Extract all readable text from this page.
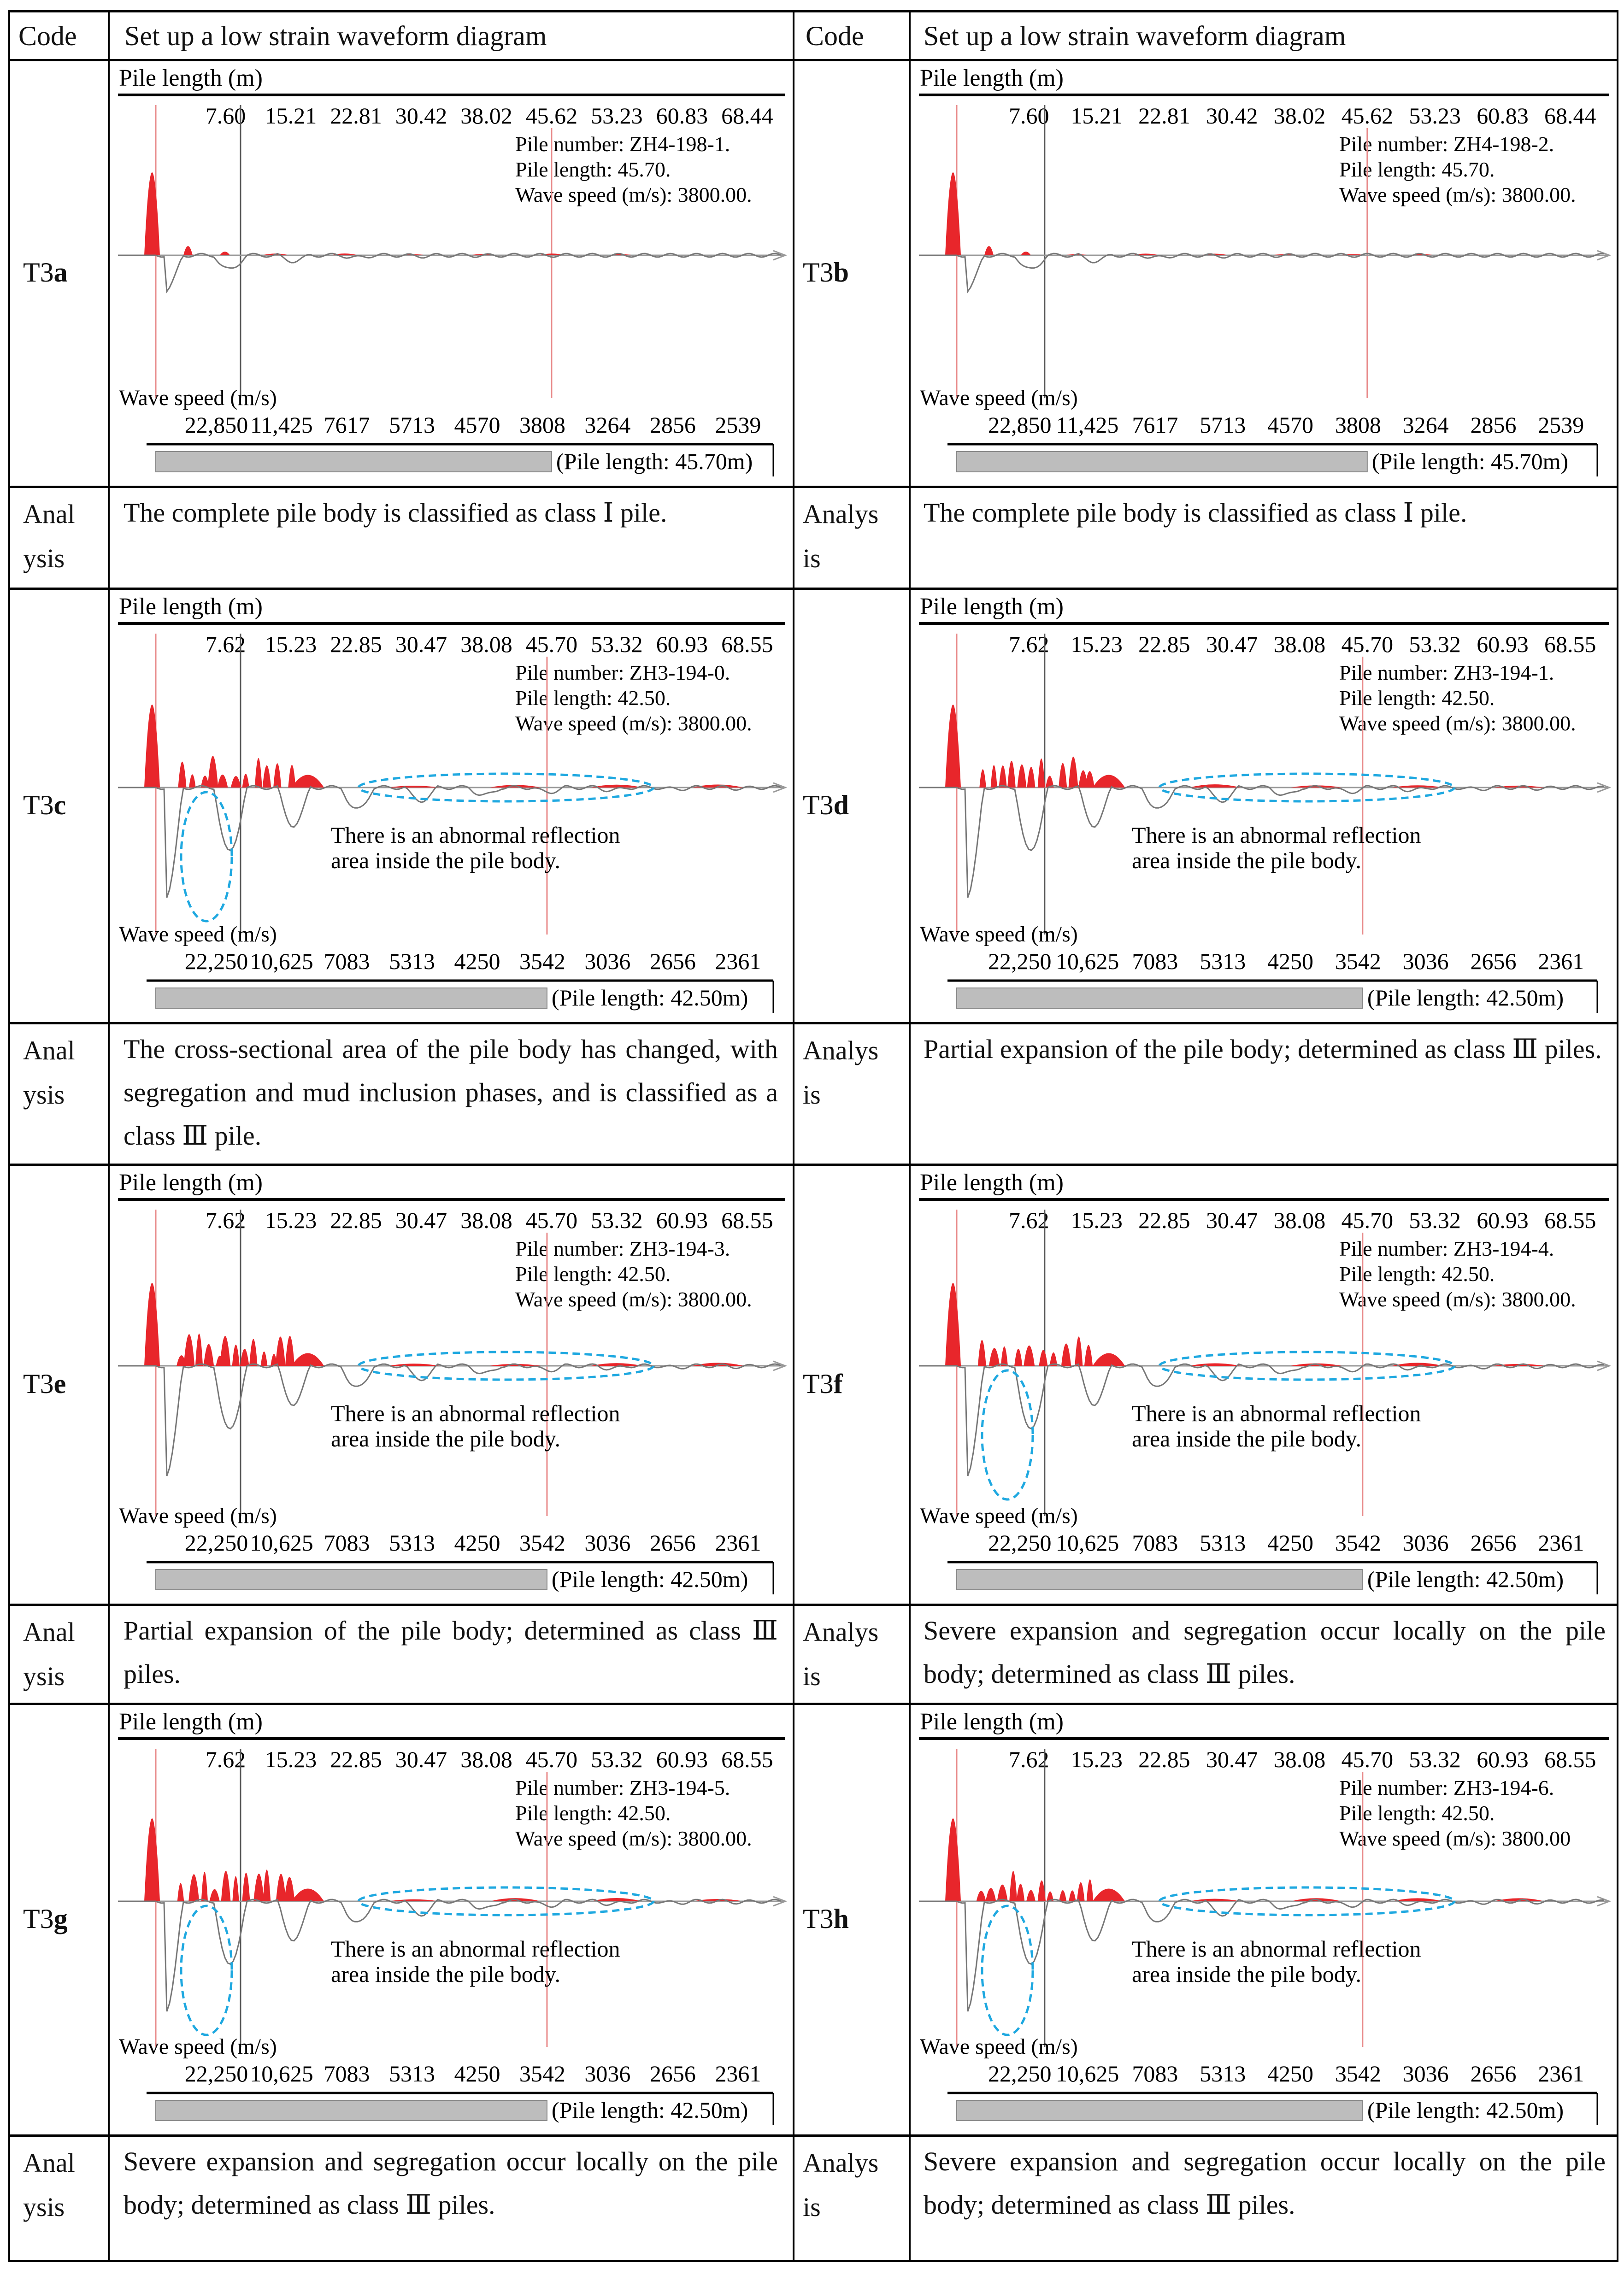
Code Set up a low strain waveform diagram	Code Set up a low strain waveform diagram
T3a
Pile length (m)
7.60 15.21 22.81 30.42 38.02 45.62 53.23 60.83 68.44
Pile number: ZH4-198-1.
Pile length: 45.70.
Wave speed (m/s): 3800.00.
Wave speed (m/s)
22,850 11,425 7617 5713 4570 3808 3264 2856 2539
(Pile length: 45.70m)
Anal ysis
The complete pile body is classified as class Ⅰ pile.
T3b
Pile length (m)
7.60 15.21 22.81 30.42 38.02 45.62 53.23 60.83 68.44
Pile number: ZH4-198-2.
Pile length: 45.70.
Wave speed (m/s): 3800.00.
Wave speed (m/s)
22,850 11,425 7617 5713 4570 3808 3264 2856 2539
(Pile length: 45.70m)
Analys is
The complete pile body is classified as class Ⅰ pile.
T3c
Pile length (m)
7.62 15.23 22.85 30.47 38.08 45.70 53.32 60.93 68.55
Pile number: ZH3-194-0.
Pile length: 42.50.
Wave speed (m/s): 3800.00.
There is an abnormal reflection
area inside the pile body.
Wave speed (m/s)
22,250 10,625 7083 5313 4250 3542 3036 2656 2361
(Pile length: 42.50m)
Anal ysis
The cross-sectional area of the pile body has changed, with segregation and mud inclusion phases, and is classified as a class Ⅲ pile.
T3d
Pile length (m)
7.62 15.23 22.85 30.47 38.08 45.70 53.32 60.93 68.55
Pile number: ZH3-194-1.
Pile length: 42.50.
Wave speed (m/s): 3800.00.
There is an abnormal reflection
area inside the pile body.
Wave speed (m/s)
22,250 10,625 7083 5313 4250 3542 3036 2656 2361
(Pile length: 42.50m)
Analys is
Partial expansion of the pile body; determined as class Ⅲ piles.
T3e
Pile length (m)
7.62 15.23 22.85 30.47 38.08 45.70 53.32 60.93 68.55
Pile number: ZH3-194-3.
Pile length: 42.50.
Wave speed (m/s): 3800.00.
There is an abnormal reflection
area inside the pile body.
Wave speed (m/s)
22,250 10,625 7083 5313 4250 3542 3036 2656 2361
(Pile length: 42.50m)
Anal ysis
Partial expansion of the pile body; determined as class Ⅲ piles.
T3f
Pile length (m)
7.62 15.23 22.85 30.47 38.08 45.70 53.32 60.93 68.55
Pile number: ZH3-194-4.
Pile length: 42.50.
Wave speed (m/s): 3800.00.
There is an abnormal reflection
area inside the pile body.
Wave speed (m/s)
22,250 10,625 7083 5313 4250 3542 3036 2656 2361
(Pile length: 42.50m)
Analys is
Severe expansion and segregation occur locally on the pile body; determined as class Ⅲ piles.
T3g
Pile length (m)
7.62 15.23 22.85 30.47 38.08 45.70 53.32 60.93 68.55
Pile number: ZH3-194-5.
Pile length: 42.50.
Wave speed (m/s): 3800.00.
There is an abnormal reflection
area inside the pile body.
Wave speed (m/s)
22,250 10,625 7083 5313 4250 3542 3036 2656 2361
(Pile length: 42.50m)
Anal ysis
Severe expansion and segregation occur locally on the pile body; determined as class Ⅲ piles.
T3h
Pile length (m)
7.62 15.23 22.85 30.47 38.08 45.70 53.32 60.93 68.55
Pile number: ZH3-194-6.
Pile length: 42.50.
Wave speed (m/s): 3800.00
There is an abnormal reflection
area inside the pile body.
Wave speed (m/s)
22,250 10,625 7083 5313 4250 3542 3036 2656 2361
(Pile length: 42.50m)
Analys is
Severe expansion and segregation occur locally on the pile body; determined as class Ⅲ piles.
